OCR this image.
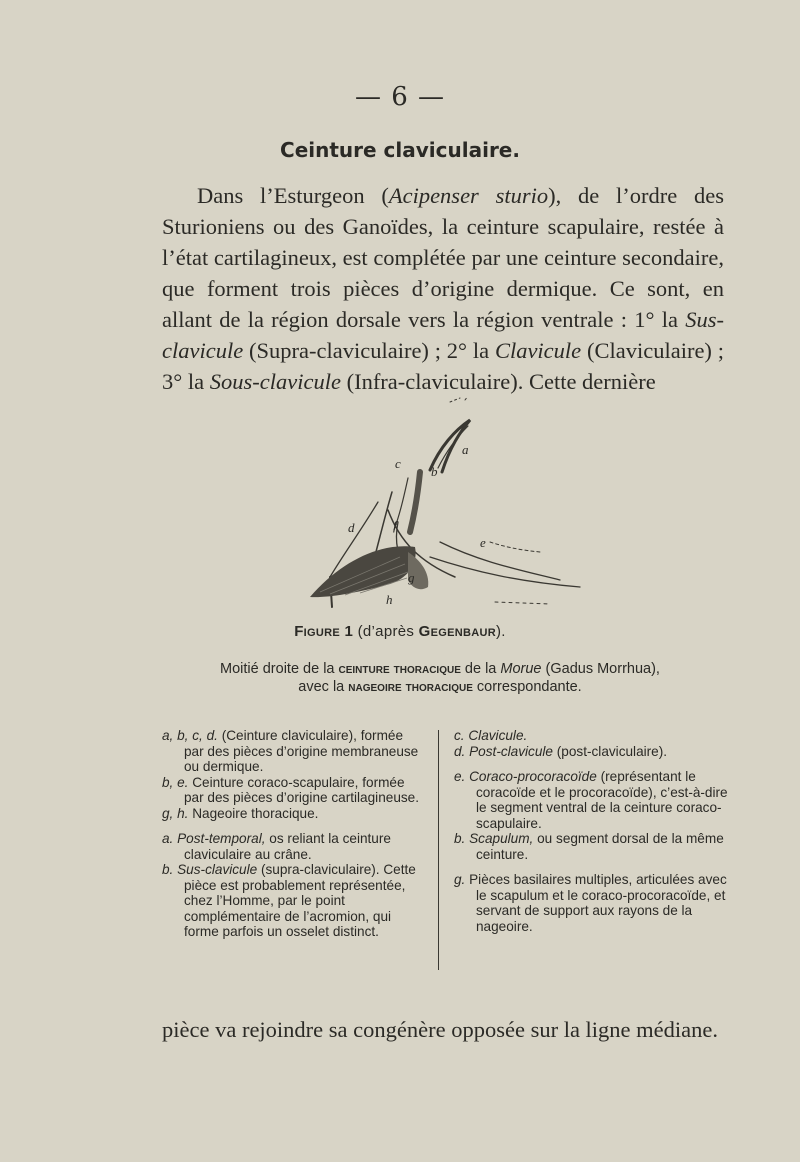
— 6 —
Ceinture claviculaire.

Dans l’Esturgeon (Acipenser sturio), de l’ordre des Sturioniens ou des Ganoïdes, la ceinture scapulaire, restée à l’état cartilagineux, est complétée par une ceinture secondaire, que forment trois pièces d’origine dermique. Ce sont, en allant de la région dorsale vers la région ventrale : 1° la Sus-clavicule (Supra-claviculaire) ; 2° la Clavicule (Claviculaire) ; 3° la Sous-clavicule (Infra-claviculaire). Cette dernière

a
b
c
d
e
f
g
h
Figure 1 (d’après Gegenbaur).
Moitié droite de la ceinture thoracique de la Morue (Gadus Morrhua),
avec la nageoire thoracique correspondante.

a, b, c, d. (Ceinture claviculaire), formée par des pièces d’origine membraneuse ou dermique.

b, e. Ceinture coraco-scapulaire, formée par des pièces d’origine cartilagineuse.

g, h. Nageoire thoracique.

a. Post-temporal, os reliant la ceinture claviculaire au crâne.

b. Sus-clavicule (supra-claviculaire). Cette pièce est probablement représentée, chez l’Homme, par le point complémentaire de l’acromion, qui forme parfois un osselet distinct.

c. Clavicule.

d. Post-clavicule (post-claviculaire).

e. Coraco-procoracoïde (représentant le coracoïde et le procoracoïde), c’est-à-dire le segment ventral de la ceinture coraco-scapulaire.

b. Scapulum, ou segment dorsal de la même ceinture.

g. Pièces basilaires multiples, articulées avec le scapulum et le coraco-procoracoïde, et servant de support aux rayons de la nageoire.

pièce va rejoindre sa congénère opposée sur la ligne médiane.
